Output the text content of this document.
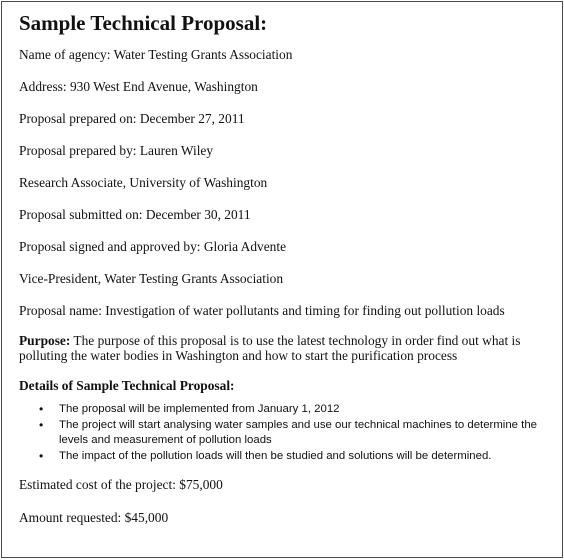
Sample Technical Proposal:
Name of agency: Water Testing Grants Association
Address: 930 West End Avenue, Washington
Proposal prepared on: December 27, 2011
Proposal prepared by: Lauren Wiley
Research Associate, University of Washington
Proposal submitted on: December 30, 2011
Proposal signed and approved by: Gloria Advente
Vice-President, Water Testing Grants Association
Proposal name: Investigation of water pollutants and timing for finding out pollution loads
Purpose: The purpose of this proposal is to use the latest technology in order find out what is polluting the water bodies in Washington and how to start the purification process
Details of Sample Technical Proposal:
• The proposal will be implemented from January 1, 2012
• The project will start analysing water samples and use our technical machines to determine the levels and measurement of pollution loads
• The impact of the pollution loads will then be studied and solutions will be determined.
Estimated cost of the project: $75,000
Amount requested: $45,000
